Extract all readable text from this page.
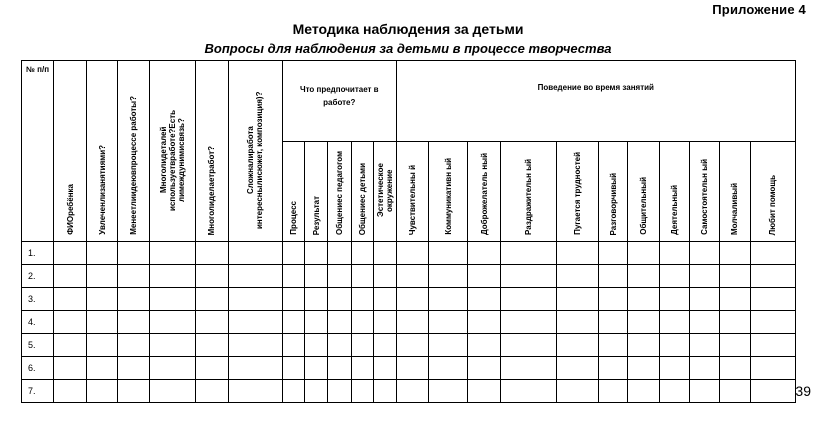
Приложение 4
Методика наблюдения за детьми
Вопросы для наблюдения за детьми в процессе творчества
№ п/п	ФИОребёнка	Увлеченлизанятиями?	Менеетлиидеювпроцессе работы?	Многолидеталей используетвработе?Есть лимеждунимисвязь?	Многолиделаетработ?	Сложналиработа интереснылисюжет, композиция)?	Что предпочитает в работе?					Поведение во время занятий										
							Процесс	Результат	Общениес педагогом	Общениес детьми	Эстетическое окружение	Чувствительны й	Коммуникативн ый	Доброжелатель ный	Раздражительн ый	Пугается трудностей	Разговорчивый	Общительный	Деятельный	Самостоятельн ый	Молчаливый	Любит помощь
1.																						
2.																						
3.																						
4.																						
5.																						
6.																						
7.																							39
